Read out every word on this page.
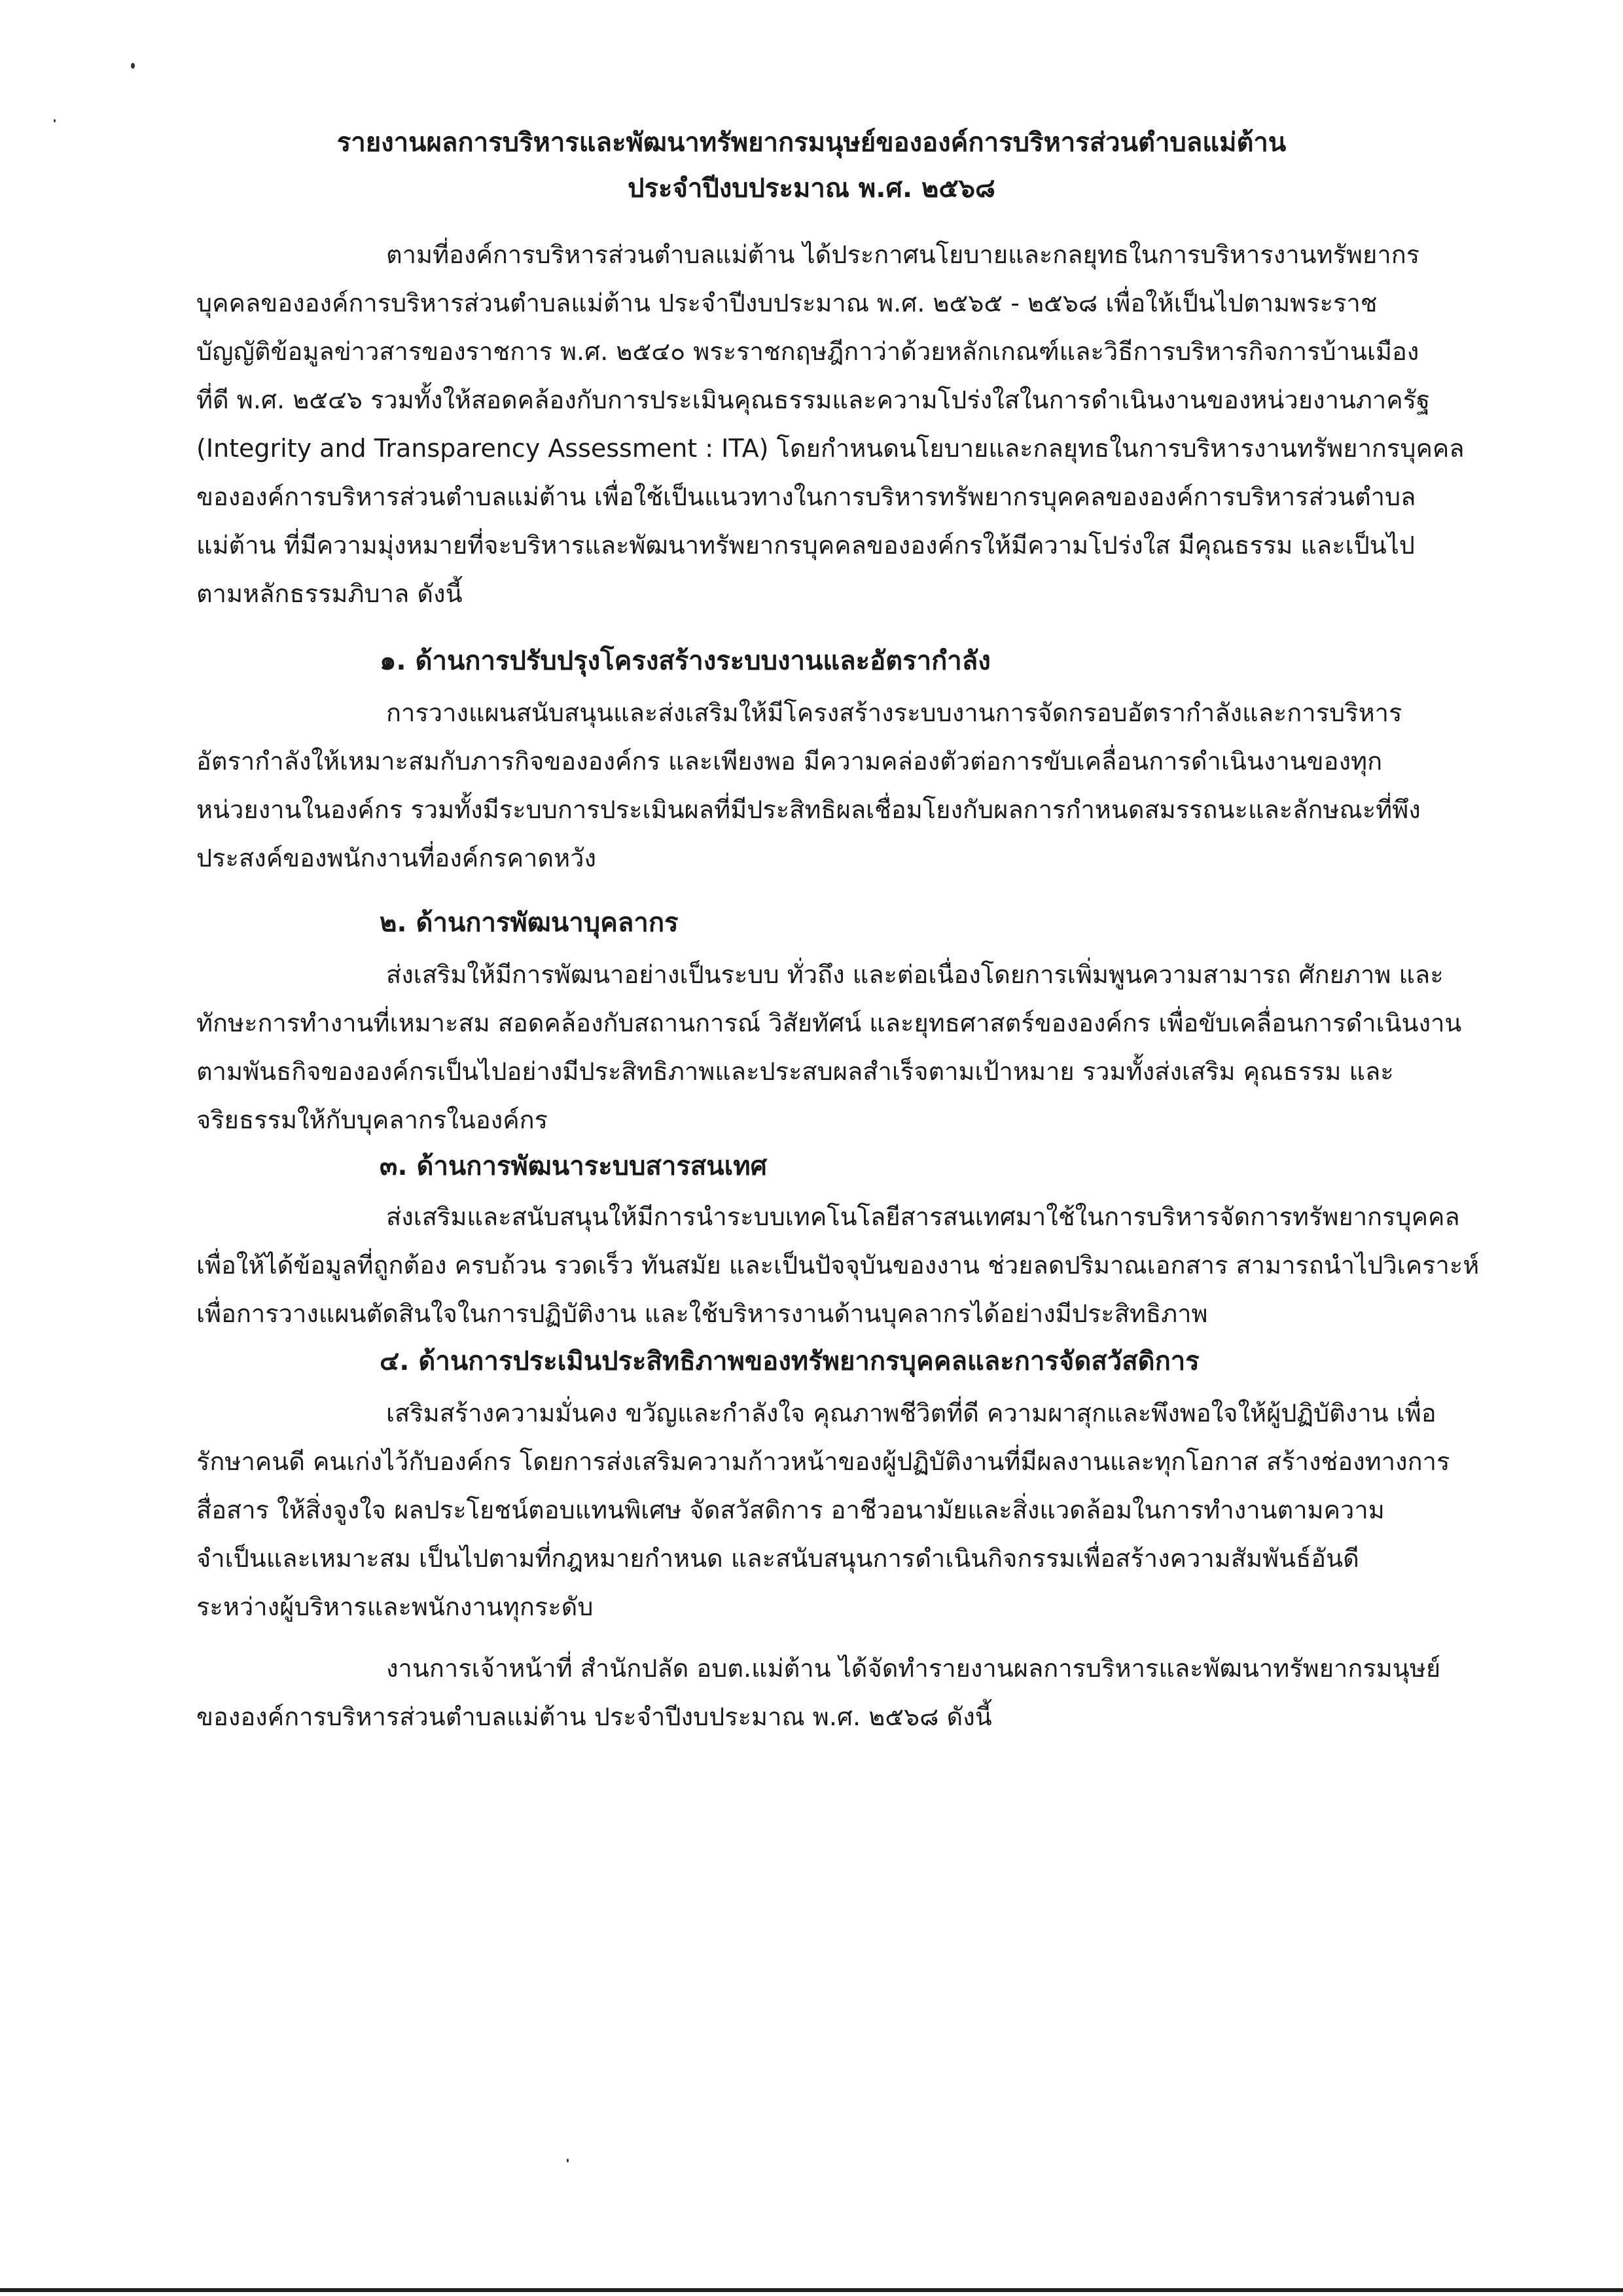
รายงานผลการบริหารและพัฒนาทรัพยากรมนุษย์ขององค์การบริหารส่วนตำบลแม่ต้าน
ประจำปีงบประมาณ พ.ศ. ๒๕๖๘
ตามที่องค์การบริหารส่วนตำบลแม่ต้าน ได้ประกาศนโยบายและกลยุทธในการบริหารงานทรัพยากร
บุคคลขององค์การบริหารส่วนตำบลแม่ต้าน ประจำปีงบประมาณ พ.ศ. ๒๕๖๕ - ๒๕๖๘ เพื่อให้เป็นไปตามพระราช
บัญญัติข้อมูลข่าวสารของราชการ พ.ศ. ๒๕๔๐ พระราชกฤษฎีกาว่าด้วยหลักเกณฑ์และวิธีการบริหารกิจการบ้านเมือง
ที่ดี พ.ศ. ๒๕๔๖ รวมทั้งให้สอดคล้องกับการประเมินคุณธรรมและความโปร่งใสในการดำเนินงานของหน่วยงานภาครัฐ
(Integrity and Transparency Assessment : ITA) โดยกำหนดนโยบายและกลยุทธในการบริหารงานทรัพยากรบุคคล
ขององค์การบริหารส่วนตำบลแม่ต้าน เพื่อใช้เป็นแนวทางในการบริหารทรัพยากรบุคคลขององค์การบริหารส่วนตำบล
แม่ต้าน ที่มีความมุ่งหมายที่จะบริหารและพัฒนาทรัพยากรบุคคลขององค์กรให้มีความโปร่งใส มีคุณธรรม และเป็นไป
ตามหลักธรรมภิบาล ดังนี้
๑. ด้านการปรับปรุงโครงสร้างระบบงานและอัตรากำลัง
การวางแผนสนับสนุนและส่งเสริมให้มีโครงสร้างระบบงานการจัดกรอบอัตรากำลังและการบริหาร
อัตรากำลังให้เหมาะสมกับภารกิจขององค์กร และเพียงพอ มีความคล่องตัวต่อการขับเคลื่อนการดำเนินงานของทุก
หน่วยงานในองค์กร รวมทั้งมีระบบการประเมินผลที่มีประสิทธิผลเชื่อมโยงกับผลการกำหนดสมรรถนะและลักษณะที่พึง
ประสงค์ของพนักงานที่องค์กรคาดหวัง
๒. ด้านการพัฒนาบุคลากร
ส่งเสริมให้มีการพัฒนาอย่างเป็นระบบ ทั่วถึง และต่อเนื่องโดยการเพิ่มพูนความสามารถ ศักยภาพ และ
ทักษะการทำงานที่เหมาะสม สอดคล้องกับสถานการณ์ วิสัยทัศน์ และยุทธศาสตร์ขององค์กร เพื่อขับเคลื่อนการดำเนินงาน
ตามพันธกิจขององค์กรเป็นไปอย่างมีประสิทธิภาพและประสบผลสำเร็จตามเป้าหมาย รวมทั้งส่งเสริม คุณธรรม และ
จริยธรรมให้กับบุคลากรในองค์กร
๓. ด้านการพัฒนาระบบสารสนเทศ
ส่งเสริมและสนับสนุนให้มีการนำระบบเทคโนโลยีสารสนเทศมาใช้ในการบริหารจัดการทรัพยากรบุคคล
เพื่อให้ได้ข้อมูลที่ถูกต้อง ครบถ้วน รวดเร็ว ทันสมัย และเป็นปัจจุบันของงาน ช่วยลดปริมาณเอกสาร สามารถนำไปวิเคราะห์
เพื่อการวางแผนตัดสินใจในการปฏิบัติงาน และใช้บริหารงานด้านบุคลากรได้อย่างมีประสิทธิภาพ
๔. ด้านการประเมินประสิทธิภาพของทรัพยากรบุคคลและการจัดสวัสดิการ
เสริมสร้างความมั่นคง ขวัญและกำลังใจ คุณภาพชีวิตที่ดี ความผาสุกและพึงพอใจให้ผู้ปฏิบัติงาน เพื่อ
รักษาคนดี คนเก่งไว้กับองค์กร โดยการส่งเสริมความก้าวหน้าของผู้ปฏิบัติงานที่มีผลงานและทุกโอกาส สร้างช่องทางการ
สื่อสาร ให้สิ่งจูงใจ ผลประโยชน์ตอบแทนพิเศษ จัดสวัสดิการ อาชีวอนามัยและสิ่งแวดล้อมในการทำงานตามความ
จำเป็นและเหมาะสม เป็นไปตามที่กฎหมายกำหนด และสนับสนุนการดำเนินกิจกรรมเพื่อสร้างความสัมพันธ์อันดี
ระหว่างผู้บริหารและพนักงานทุกระดับ
งานการเจ้าหน้าที่ สำนักปลัด อบต.แม่ต้าน ได้จัดทำรายงานผลการบริหารและพัฒนาทรัพยากรมนุษย์
ขององค์การบริหารส่วนตำบลแม่ต้าน ประจำปีงบประมาณ พ.ศ. ๒๕๖๘ ดังนี้
